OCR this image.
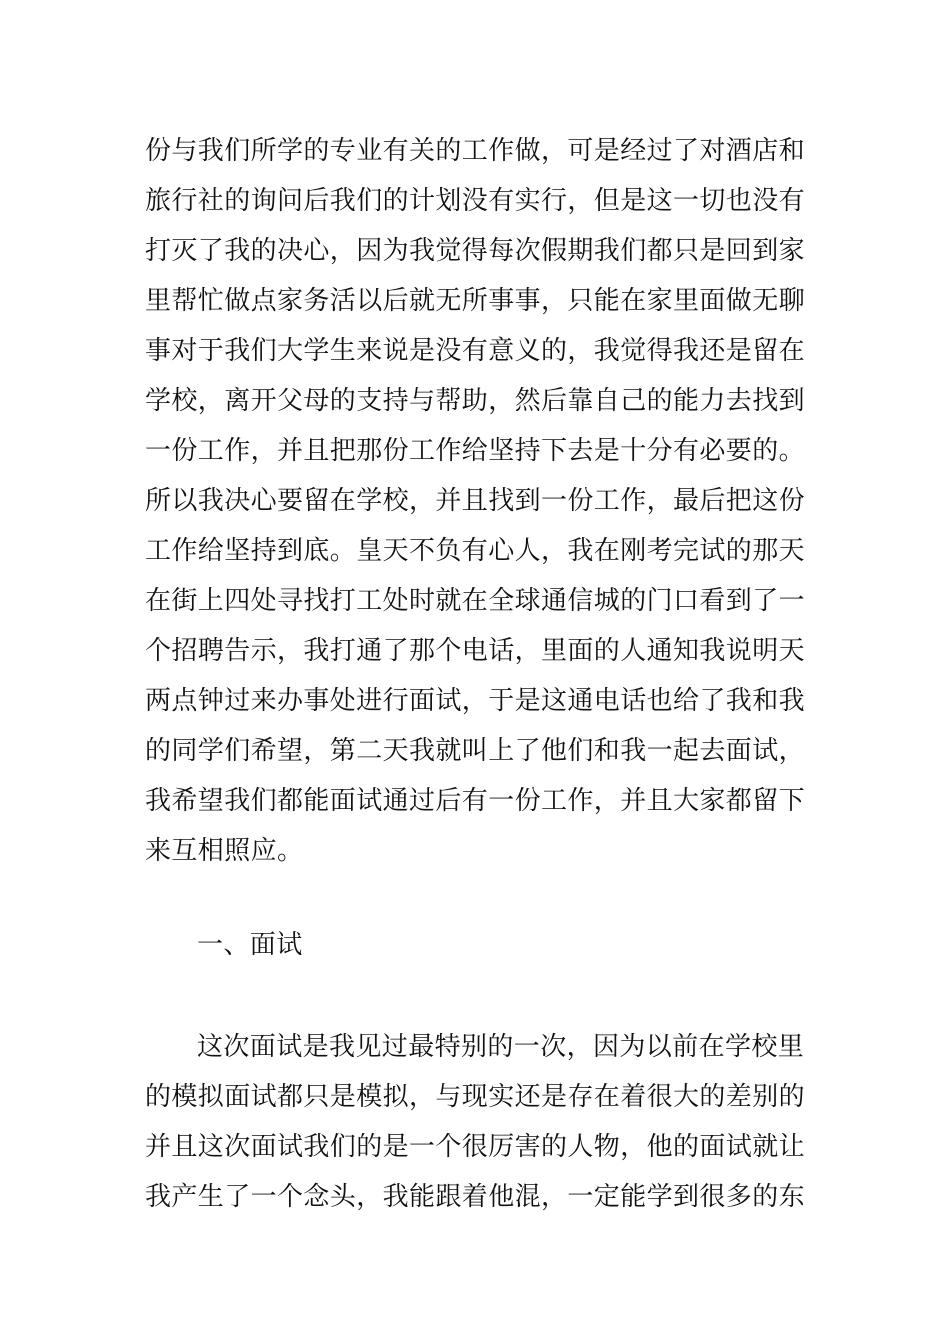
份与我们所学的专业有关的工作做，可是经过了对酒店和
旅行社的询问后我们的计划没有实行，但是这一切也没有
打灭了我的决心，因为我觉得每次假期我们都只是回到家
里帮忙做点家务活以后就无所事事，只能在家里面做无聊
事对于我们大学生来说是没有意义的，我觉得我还是留在
学校，离开父母的支持与帮助，然后靠自己的能力去找到
一份工作，并且把那份工作给坚持下去是十分有必要的。
所以我决心要留在学校，并且找到一份工作，最后把这份
工作给坚持到底。皇天不负有心人，我在刚考完试的那天
在街上四处寻找打工处时就在全球通信城的门口看到了一
个招聘告示，我打通了那个电话，里面的人通知我说明天
两点钟过来办事处进行面试，于是这通电话也给了我和我
的同学们希望，第二天我就叫上了他们和我一起去面试，
我希望我们都能面试通过后有一份工作，并且大家都留下
来互相照应。
一、面试
这次面试是我见过最特别的一次，因为以前在学校里
的模拟面试都只是模拟，与现实还是存在着很大的差别的
并且这次面试我们的是一个很厉害的人物，他的面试就让
我产生了一个念头，我能跟着他混，一定能学到很多的东
